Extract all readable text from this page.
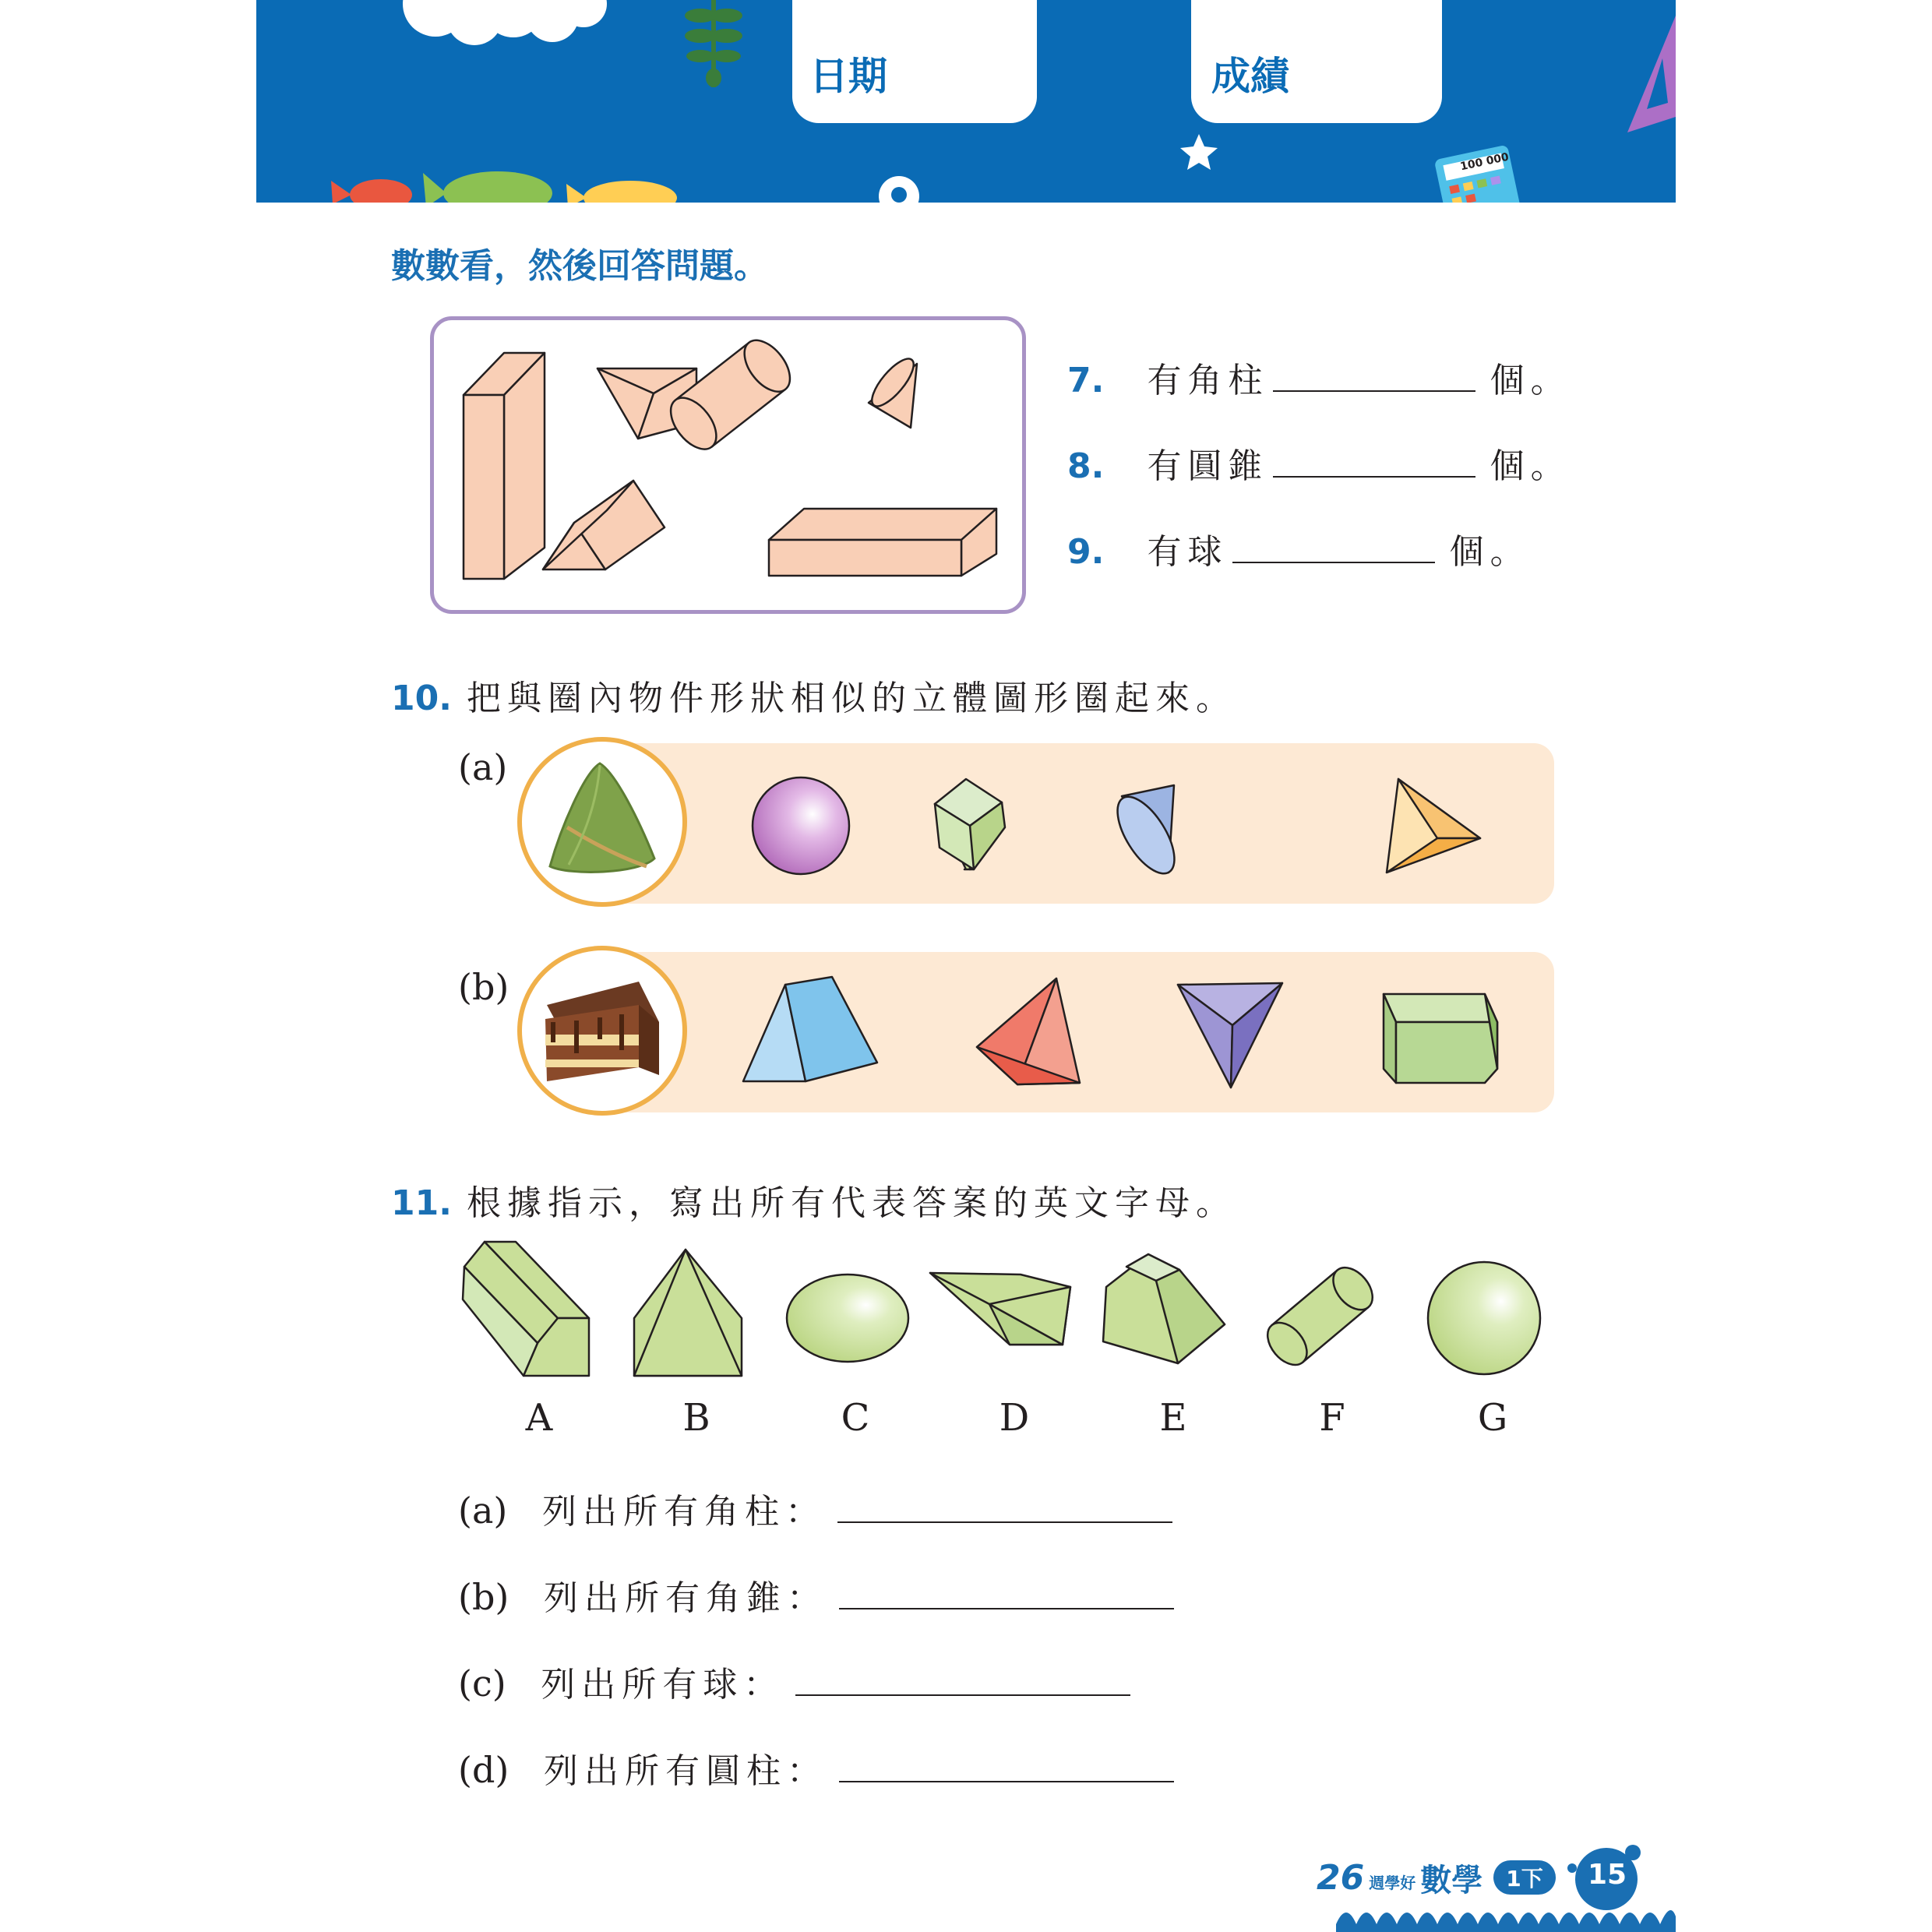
日期	成績
100 000
數數看，然後回答問題。
7. 有角柱	個。
8. 有圓錐	個。
9. 有球	個。
10. 把與圈內物件形狀相似的立體圖形圈起來。
(a)
(b)
11. 根據指示，寫出所有代表答案的英文字母。
A	B	C	D	E	F	G
(a) 列出所有角柱：
(b) 列出所有角錐：
(c) 列出所有球：
(d) 列出所有圓柱：
26 週學好 數學	1下	15
